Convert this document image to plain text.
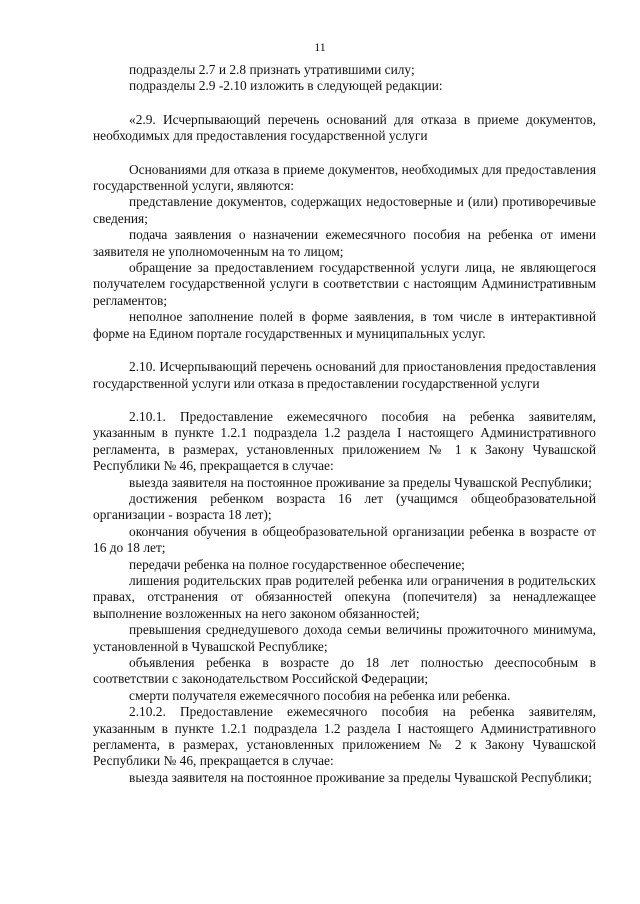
11

подразделы 2.7 и 2.8 признать утратившими силу;

подразделы 2.9 -2.10 изложить в следующей редакции:

«2.9. Исчерпывающий перечень оснований для отказа в приеме документов, необходимых для предоставления государственной услуги

Основаниями для отказа в приеме документов, необходимых для предоставления государственной услуги, являются:

представление документов, содержащих недостоверные и (или) противоречивые сведения;

подача заявления о назначении ежемесячного пособия на ребенка от имени заявителя не уполномоченным на то лицом;

обращение за предоставлением государственной услуги лица, не являющегося получателем государственной услуги в соответствии с настоящим Административным регламентов;

неполное заполнение полей в форме заявления, в том числе в интерактивной форме на Едином портале государственных и муниципальных услуг.

2.10. Исчерпывающий перечень оснований для приостановления предоставления государственной услуги или отказа в предоставлении государственной услуги

2.10.1. Предоставление ежемесячного пособия на ребенка заявителям, указанным в пункте 1.2.1 подраздела 1.2 раздела I настоящего Административного регламента, в размерах, установленных приложением № 1 к Закону Чувашской Республики № 46, прекращается в случае:

выезда заявителя на постоянное проживание за пределы Чувашской Республики;

достижения ребенком возраста 16 лет (учащимся общеобразовательной организации - возраста 18 лет);

окончания обучения в общеобразовательной организации ребенка в возрасте от 16 до 18 лет;

передачи ребенка на полное государственное обеспечение;

лишения родительских прав родителей ребенка или ограничения в родительских правах, отстранения от обязанностей опекуна (попечителя) за ненадлежащее выполнение возложенных на него законом обязанностей;

превышения среднедушевого дохода семьи величины прожиточного минимума, установленной в Чувашской Республике;

объявления ребенка в возрасте до 18 лет полностью дееспособным в соответствии с законодательством Российской Федерации;

смерти получателя ежемесячного пособия на ребенка или ребенка.

2.10.2. Предоставление ежемесячного пособия на ребенка заявителям, указанным в пункте 1.2.1 подраздела 1.2 раздела I настоящего Административного регламента, в размерах, установленных приложением № 2 к Закону Чувашской Республики № 46, прекращается в случае:

выезда заявителя на постоянное проживание за пределы Чувашской Республики;
